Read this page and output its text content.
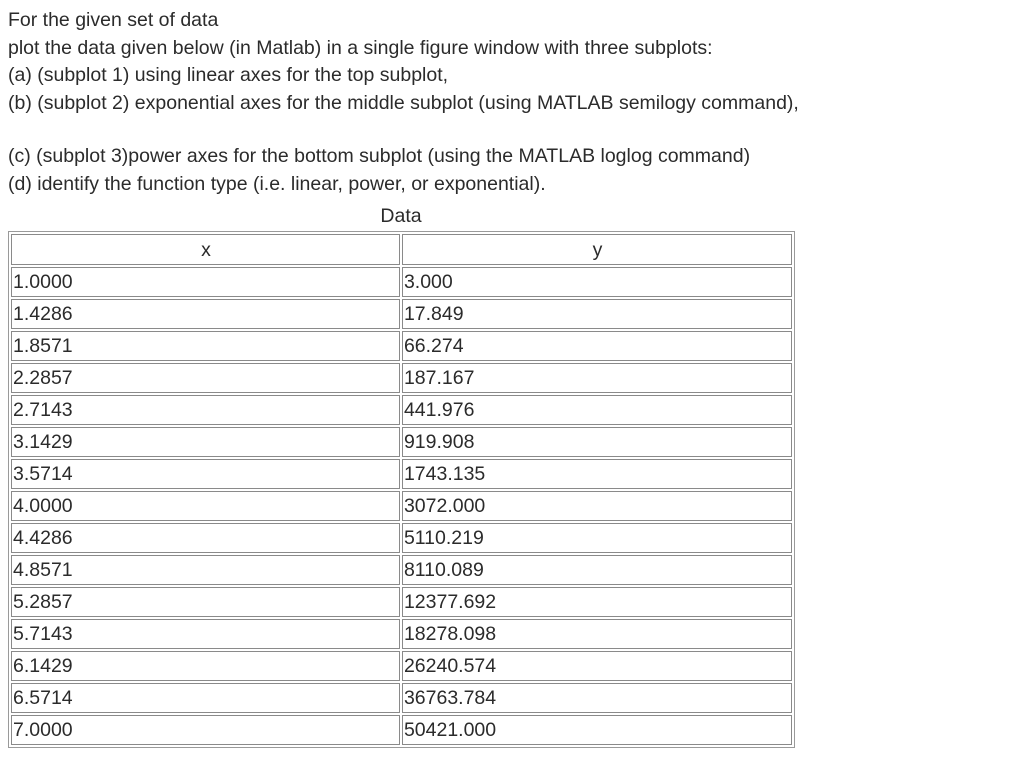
For the given set of data
plot the data given below (in Matlab) in a single figure window with three subplots:
(a) (subplot 1) using linear axes for the top subplot,
(b) (subplot 2) exponential axes for the middle subplot (using MATLAB semilogy command),
(c) (subplot 3)power axes for the bottom subplot (using the MATLAB loglog command)
(d) identify the function type (i.e. linear, power, or exponential).
Data
x	y
1.0000	3.000
1.4286	17.849
1.8571	66.274
2.2857	187.167
2.7143	441.976
3.1429	919.908
3.5714	1743.135
4.0000	3072.000
4.4286	5110.219
4.8571	8110.089
5.2857	12377.692
5.7143	18278.098
6.1429	26240.574
6.5714	36763.784
7.0000	50421.000
